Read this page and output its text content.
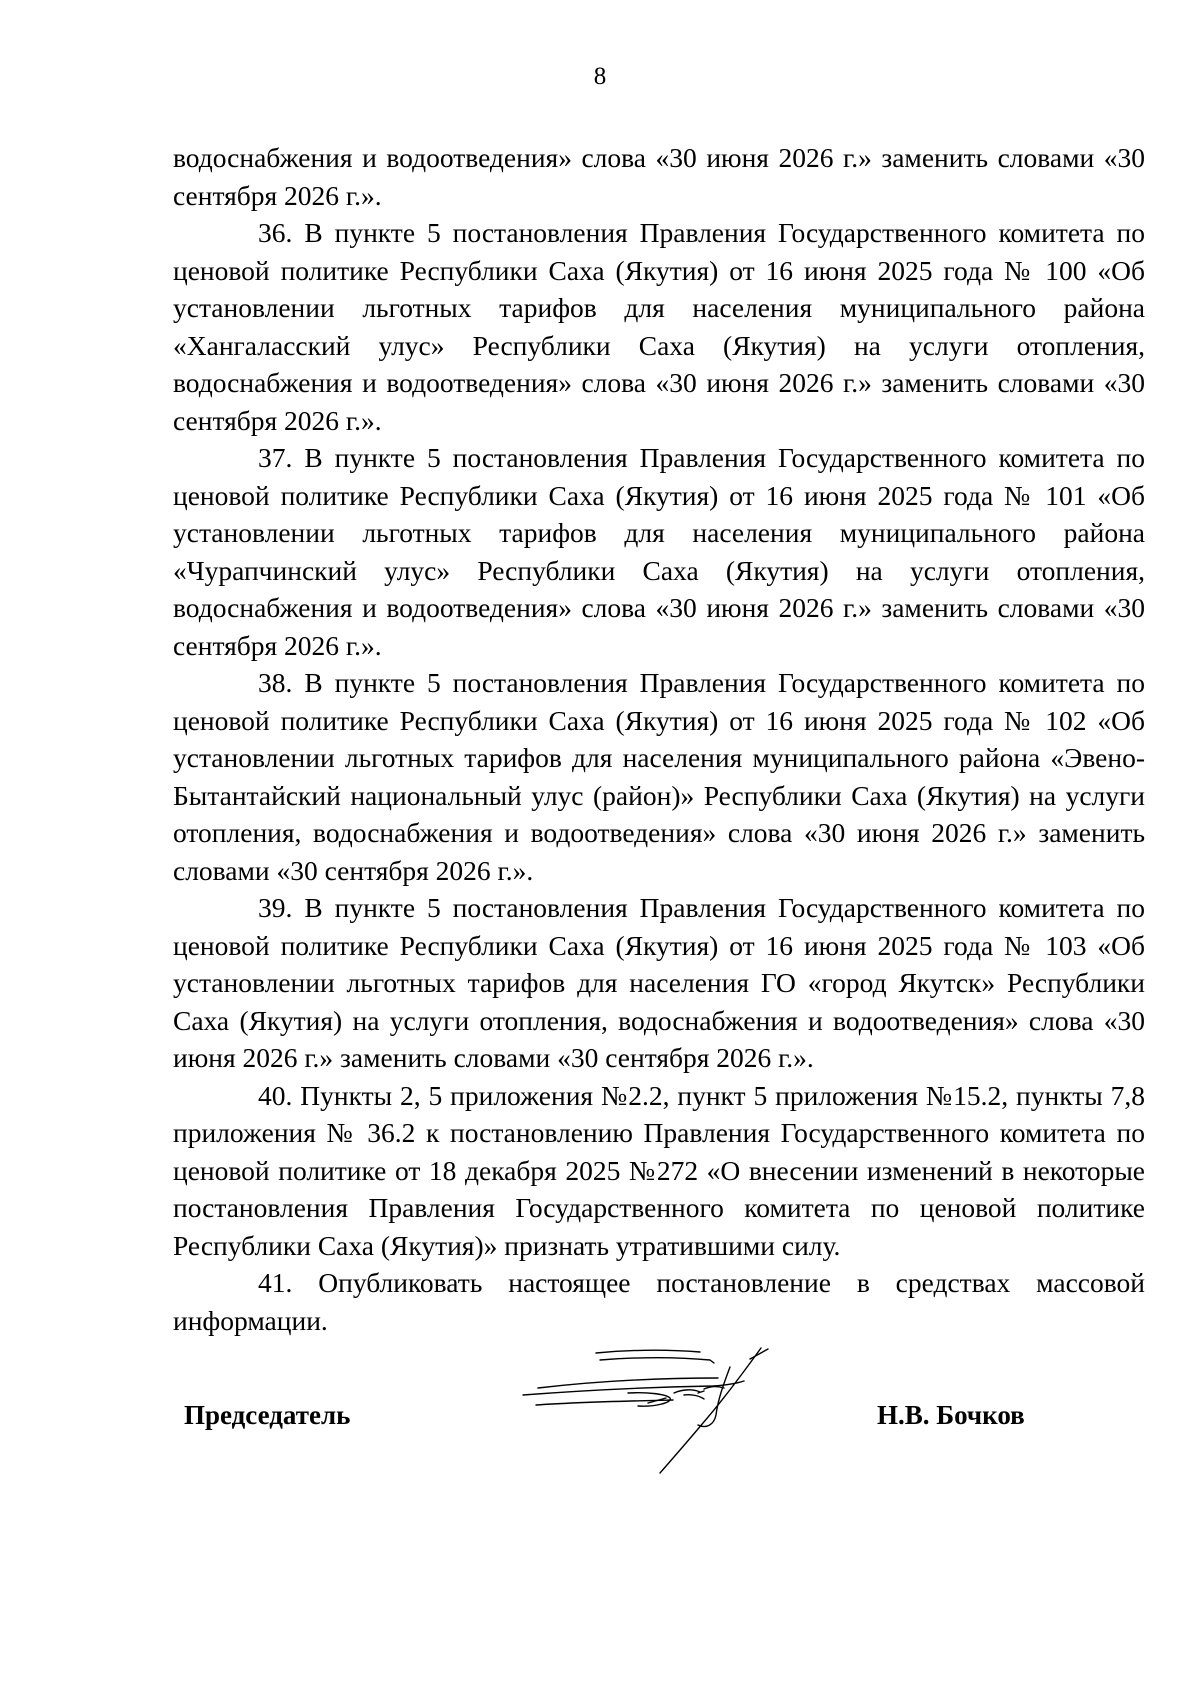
8

водоснабжения и водоотведения» слова «30 июня 2026 г.» заменить словами «30 сентября 2026 г.».

36. В пункте 5 постановления Правления Государственного комитета по ценовой политике Республики Саха (Якутия) от 16 июня 2025 года № 100 «Об установлении льготных тарифов для населения муниципального района «Хангаласский улус» Республики Саха (Якутия) на услуги отопления, водоснабжения и водоотведения» слова «30 июня 2026 г.» заменить словами «30 сентября 2026 г.».

37. В пункте 5 постановления Правления Государственного комитета по ценовой политике Республики Саха (Якутия) от 16 июня 2025 года № 101 «Об установлении льготных тарифов для населения муниципального района «Чурапчинский улус» Республики Саха (Якутия) на услуги отопления, водоснабжения и водоотведения» слова «30 июня 2026 г.» заменить словами «30 сентября 2026 г.».

38. В пункте 5 постановления Правления Государственного комитета по ценовой политике Республики Саха (Якутия) от 16 июня 2025 года № 102 «Об установлении льготных тарифов для населения муниципального района «Эвено-Бытантайский национальный улус (район)» Республики Саха (Якутия) на услуги отопления, водоснабжения и водоотведения» слова «30 июня 2026 г.» заменить словами «30 сентября 2026 г.».

39. В пункте 5 постановления Правления Государственного комитета по ценовой политике Республики Саха (Якутия) от 16 июня 2025 года № 103 «Об установлении льготных тарифов для населения ГО «город Якутск» Республики Саха (Якутия) на услуги отопления, водоснабжения и водоотведения» слова «30 июня 2026 г.» заменить словами «30 сентября 2026 г.».

40. Пункты 2, 5 приложения №2.2, пункт 5 приложения №15.2, пункты 7,8 приложения № 36.2 к постановлению Правления Государственного комитета по ценовой политике от 18 декабря 2025 №272 «О внесении изменений в некоторые постановления Правления Государственного комитета по ценовой политике Республики Саха (Якутия)» признать утратившими силу.

41. Опубликовать настоящее постановление в средствах массовой информации.

Председатель	Н.В. Бочков
